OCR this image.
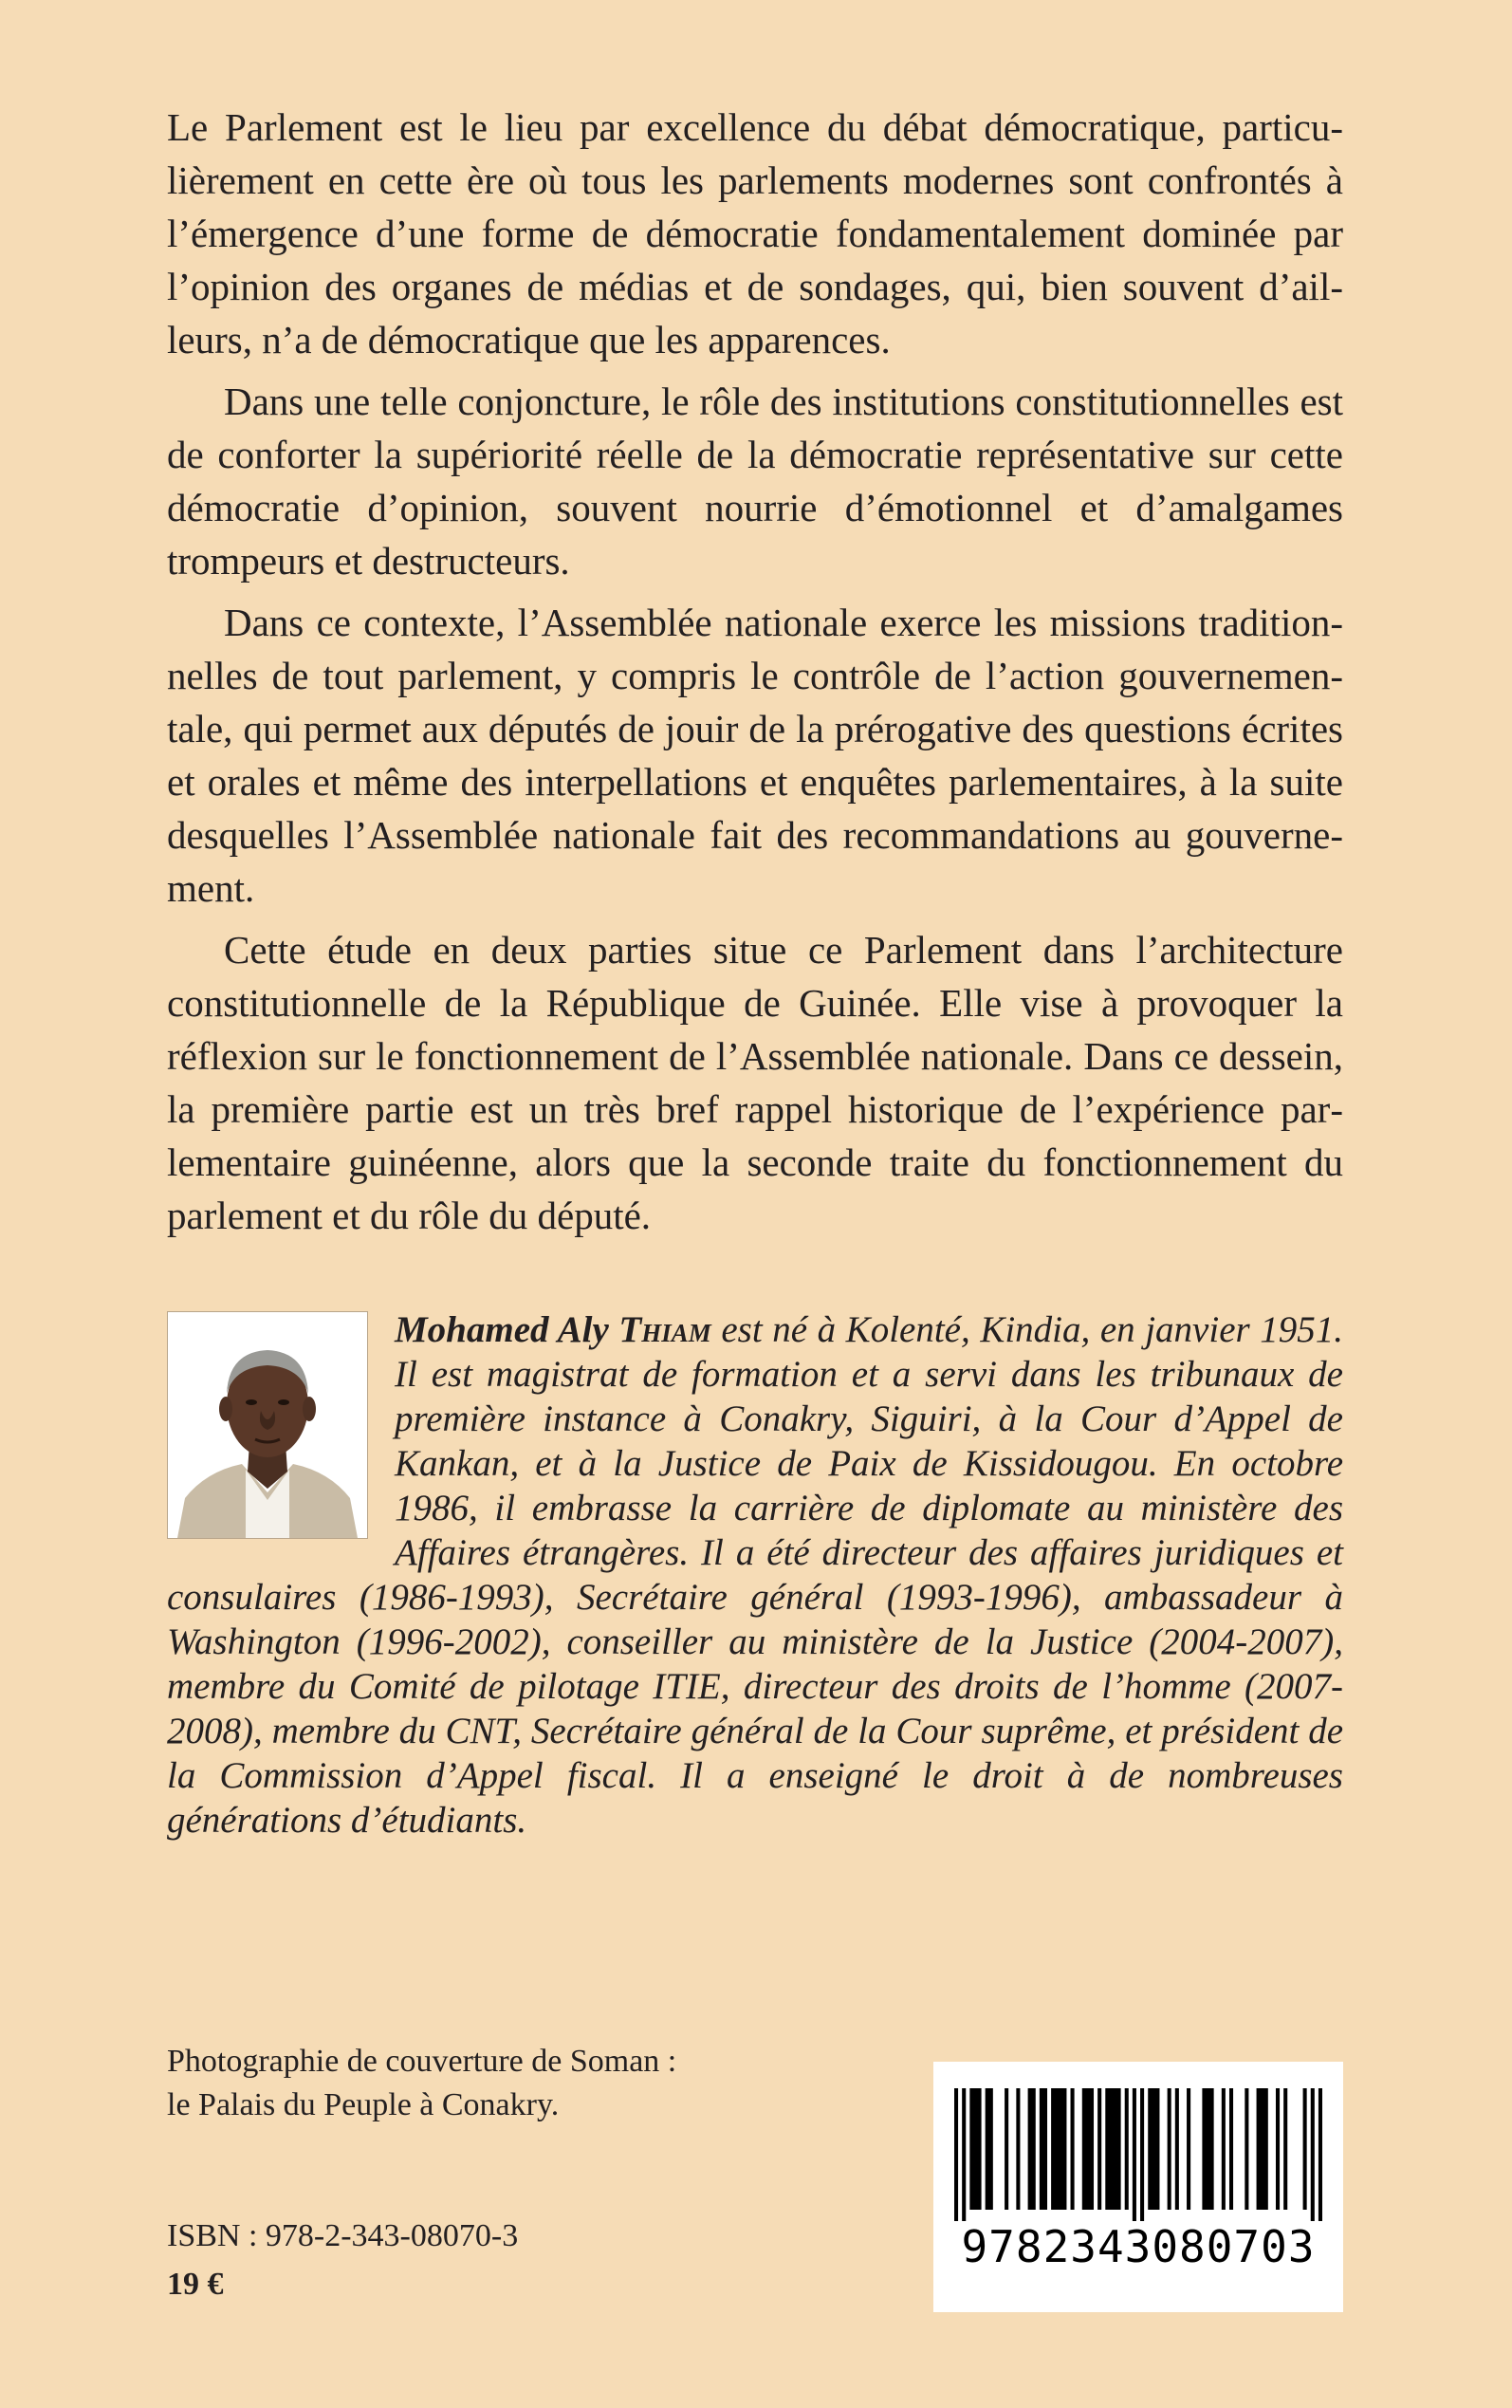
Le Parlement est le lieu par excellence du débat démocratique, particulièrement en cette ère où tous les parlements modernes sont confrontés à l’émergence d’une forme de démocratie fondamentalement dominée par l’opinion des organes de médias et de sondages, qui, bien souvent d’ailleurs, n’a de démocratique que les apparences.

Dans une telle conjoncture, le rôle des institutions constitutionnelles est de conforter la supériorité réelle de la démocratie représentative sur cette démocratie d’opinion, souvent nourrie d’émotionnel et d’amalgames trompeurs et destructeurs.

Dans ce contexte, l’Assemblée nationale exerce les missions traditionnelles de tout parlement, y compris le contrôle de l’action gouvernementale, qui permet aux députés de jouir de la prérogative des questions écrites et orales et même des interpellations et enquêtes parlementaires, à la suite desquelles l’Assemblée nationale fait des recommandations au gouvernement.

Cette étude en deux parties situe ce Parlement dans l’architecture constitutionnelle de la République de Guinée. Elle vise à provoquer la réflexion sur le fonctionnement de l’Assemblée nationale. Dans ce dessein, la première partie est un très bref rappel historique de l’expérience parlementaire guinéenne, alors que la seconde traite du fonctionnement du parlement et du rôle du député.

Mohamed Aly Thiam est né à Kolenté, Kindia, en janvier 1951. Il est magistrat de formation et a servi dans les tribunaux de première instance à Conakry, Siguiri, à la Cour d’Appel de Kankan, et à la Justice de Paix de Kissidougou. En octobre 1986, il embrasse la carrière de diplomate au ministère des Affaires étrangères. Il a été directeur des affaires juridiques et consulaires (1986-1993), Secrétaire général (1993-1996), ambassadeur à Washington (1996-2002), conseiller au ministère de la Justice (2004-2007), membre du Comité de pilotage ITIE, directeur des droits de l’homme (2007-2008), membre du CNT, Secrétaire général de la Cour suprême, et président de la Commission d’Appel fiscal. Il a enseigné le droit à de nombreuses générations d’étudiants.
Photographie de couverture de Soman :
le Palais du Peuple à Conakry.
ISBN : 978-2-343-08070-3
19 €
9782343080703
